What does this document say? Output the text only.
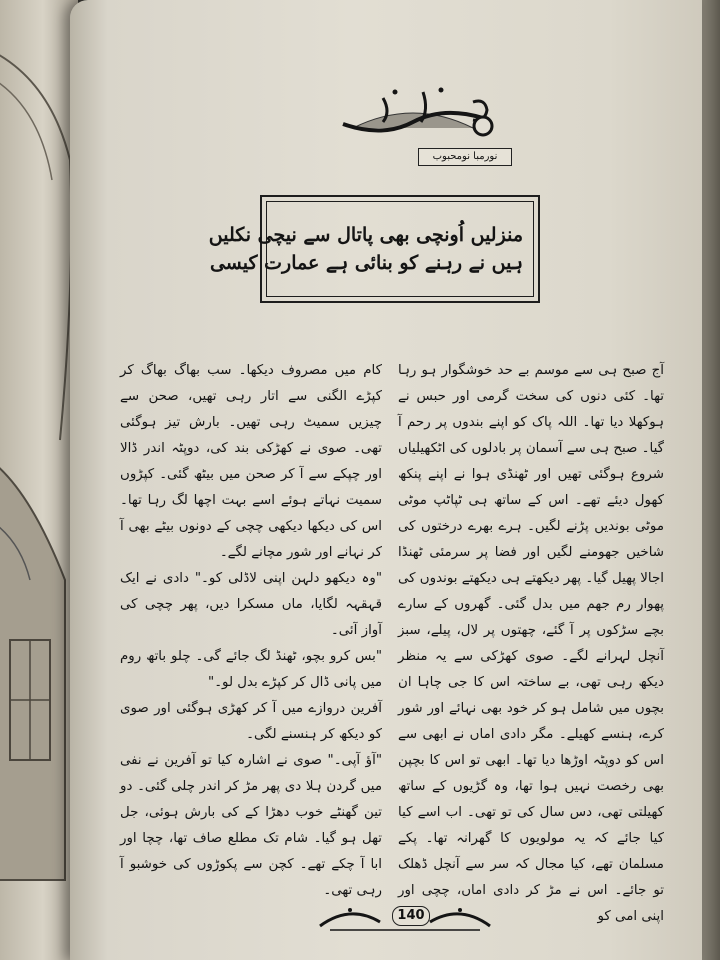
نورمبا نومحبوب
منزلیں اُونچی بھی پاتال سے نیچی نکلیں
ہیں نے رہنے کو بنائی ہے عمارت کیسی

آج صبح ہی سے موسم بے حد خوشگوار ہو رہا تھا۔ کئی دنوں کی سخت گرمی اور حبس نے ہوکھلا دیا تھا۔ اللہ پاک کو اپنے بندوں پر رحم آ گیا۔ صبح ہی سے آسمان پر بادلوں کی اٹکھیلیاں شروع ہوگئی تھیں اور ٹھنڈی ہوا نے اپنے پنکھ کھول دیئے تھے۔ اس کے ساتھ ہی ٹپاٹپ موٹی موٹی بوندیں پڑنے لگیں۔ ہرے بھرے درختوں کی شاخیں جھومنے لگیں اور فضا پر سرمئی ٹھنڈا اجالا پھیل گیا۔ پھر دیکھتے ہی دیکھتے بوندوں کی پھوار رم جھم میں بدل گئی۔ گھروں کے سارے بچے سڑکوں پر آ گئے، چھتوں پر لال، پیلے، سبز آنچل لہرانے لگے۔ صوی کھڑکی سے یہ منظر دیکھ رہی تھی، بے ساختہ اس کا جی چاہا ان بچوں میں شامل ہو کر خود بھی نہائے اور شور کرے، ہنسے کھیلے۔ مگر دادی اماں نے ابھی سے اس کو دوپٹہ اوڑھا دیا تھا۔ ابھی تو اس کا بچپن بھی رخصت نہیں ہوا تھا، وہ گڑیوں کے ساتھ کھیلتی تھی، دس سال کی تو تھی۔ اب اسے کیا کیا جائے کہ یہ مولویوں کا گھرانہ تھا۔ پکے مسلمان تھے، کیا مجال کہ سر سے آنچل ڈھلک تو جائے۔ اس نے مڑ کر دادی اماں، چچی اور اپنی امی کو

کام میں مصروف دیکھا۔ سب بھاگ بھاگ کر کپڑے الگنی سے اتار رہی تھیں، صحن سے چیزیں سمیٹ رہی تھیں۔ بارش تیز ہوگئی تھی۔ صوی نے کھڑکی بند کی، دوپٹہ اندر ڈالا اور چپکے سے آ کر صحن میں بیٹھ گئی۔ کپڑوں سمیت نہاتے ہوئے اسے بہت اچھا لگ رہا تھا۔ اس کی دیکھا دیکھی چچی کے دونوں بیٹے بھی آ کر نہانے اور شور مچانے لگے۔

"وہ دیکھو دلہن اپنی لاڈلی کو۔" دادی نے ایک قہقہہ لگایا، ماں مسکرا دیں، پھر چچی کی آواز آئی۔

"بس کرو بچو، ٹھنڈ لگ جائے گی۔ چلو باتھ روم میں پانی ڈال کر کپڑے بدل لو۔"

آفرین دروازے میں آ کر کھڑی ہوگئی اور صوی کو دیکھ کر ہنسنے لگی۔

"آؤ آپی۔" صوی نے اشارہ کیا تو آفرین نے نفی میں گردن ہلا دی پھر مڑ کر اندر چلی گئی۔ دو تین گھنٹے خوب دھڑا کے کی بارش ہوئی، جل تھل ہو گیا۔ شام تک مطلع صاف تھا، چچا اور ابا آ چکے تھے۔ کچن سے پکوڑوں کی خوشبو آ رہی تھی۔

140
